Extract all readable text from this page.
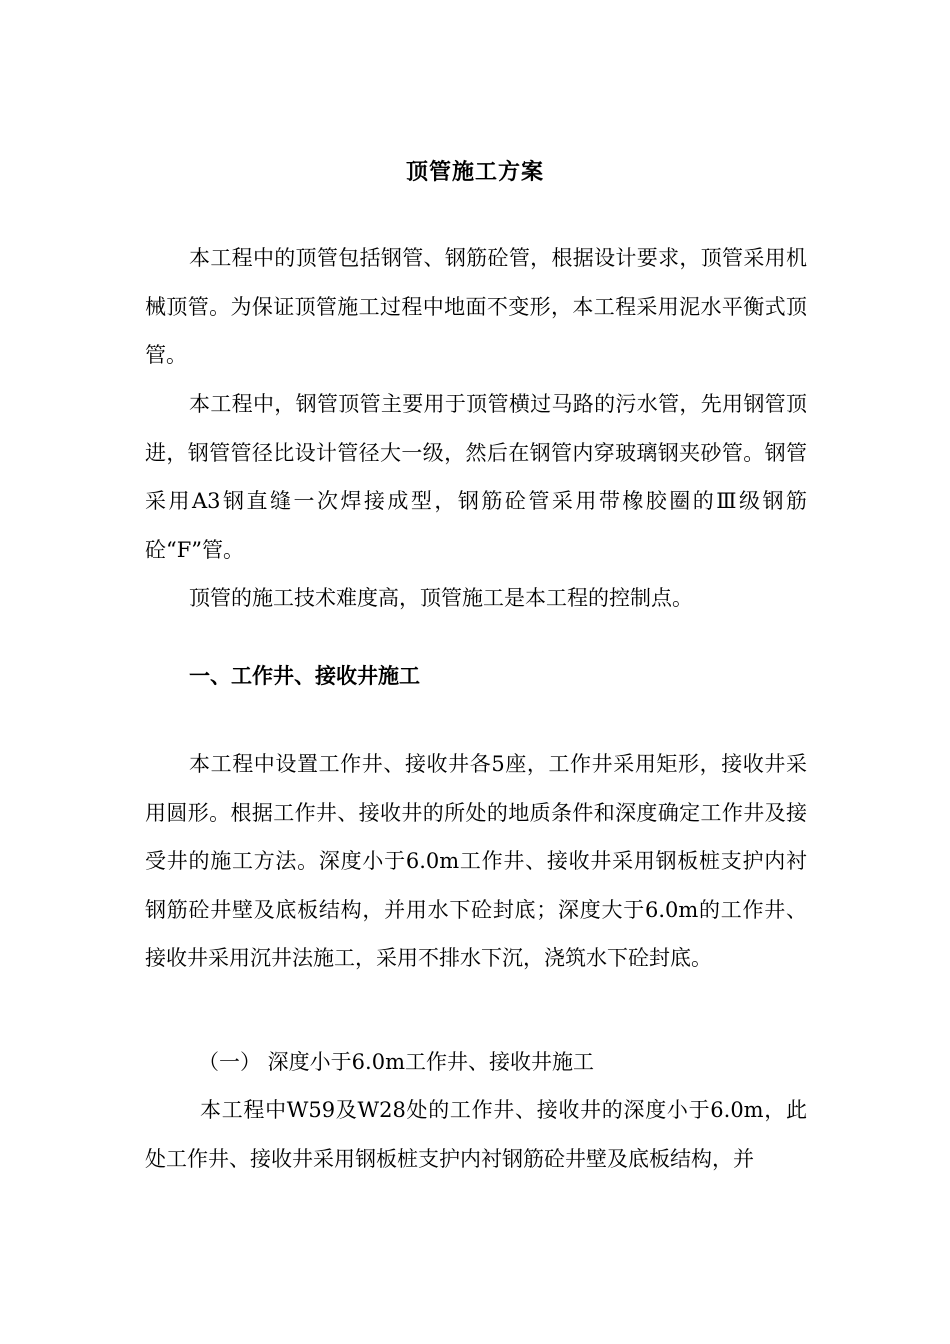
顶管施工方案

本工程中的顶管包括钢管、钢筋砼管，根据设计要求，顶管采用机械顶管。为保证顶管施工过程中地面不变形，本工程采用泥水平衡式顶管。

本工程中，钢管顶管主要用于顶管横过马路的污水管，先用钢管顶进，钢管管径比设计管径大一级，然后在钢管内穿玻璃钢夹砂管。钢管采用A3钢直缝一次焊接成型，钢筋砼管采用带橡胶圈的Ⅲ级钢筋砼“F”管。

顶管的施工技术难度高，顶管施工是本工程的控制点。

一、工作井、接收井施工

本工程中设置工作井、接收井各5座，工作井采用矩形，接收井采用圆形。根据工作井、接收井的所处的地质条件和深度确定工作井及接受井的施工方法。深度小于6.0m工作井、接收井采用钢板桩支护内衬钢筋砼井壁及底板结构，并用水下砼封底；深度大于6.0m的工作井、接收井采用沉井法施工，采用不排水下沉，浇筑水下砼封底。

（一） 深度小于6.0m工作井、接收井施工

本工程中W59及W28处的工作井、接收井的深度小于6.0m，此处工作井、接收井采用钢板桩支护内衬钢筋砼井壁及底板结构，并
